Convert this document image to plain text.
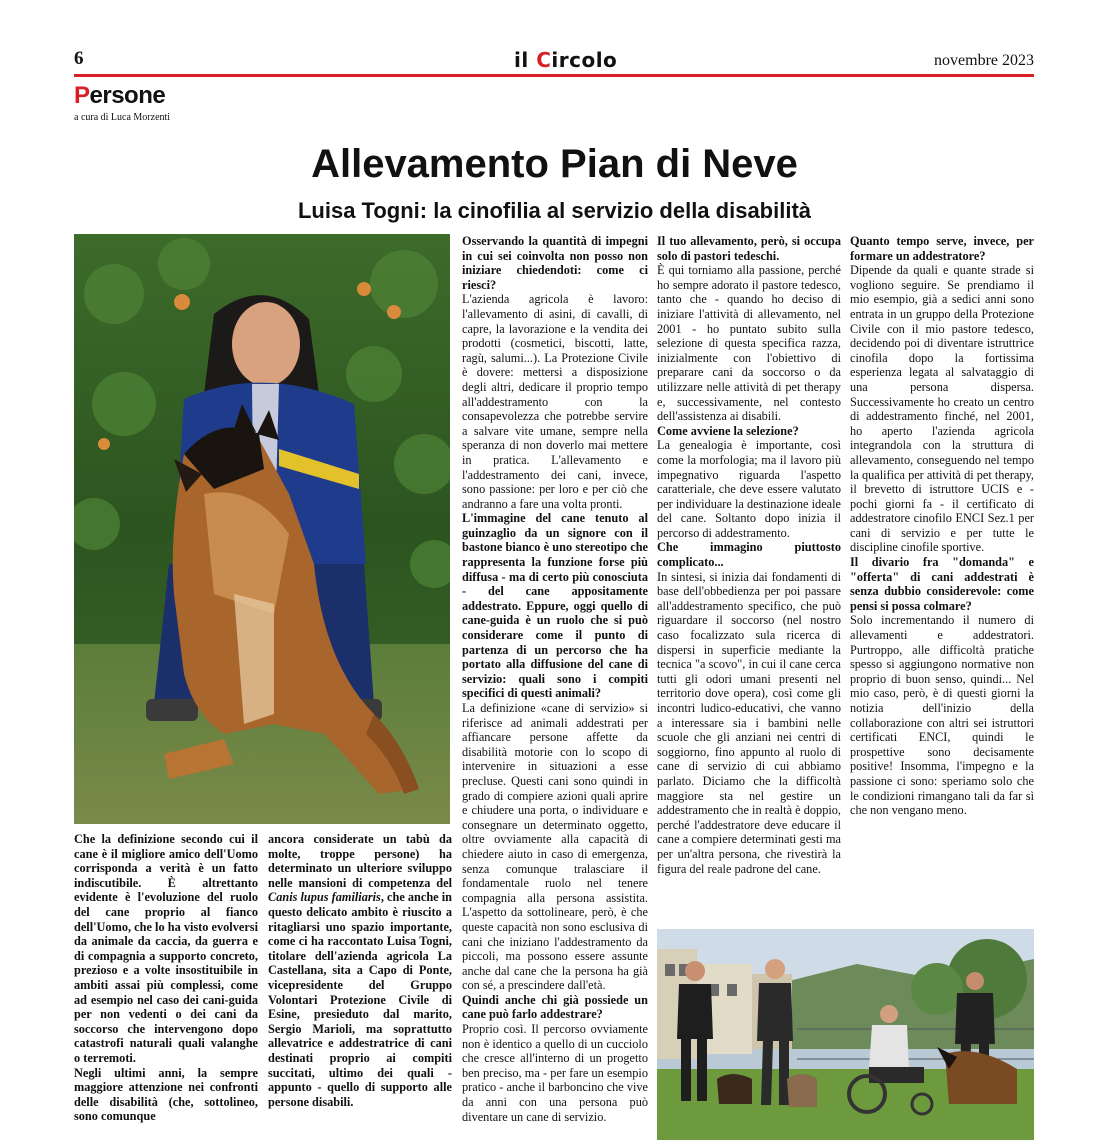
6	il Circolo	novembre 2023
Persone
a cura di Luca Morzenti
Allevamento Pian di Neve
Luisa Togni: la cinofilia al servizio della disabilità

Che la definizione secondo cui il cane è il migliore amico dell'Uomo corrisponda a verità è un fatto indiscutibile. È altrettanto evidente è l'evoluzione del ruolo del cane proprio al fianco dell'Uomo, che lo ha visto evolversi da animale da caccia, da guerra e di compagnia a supporto concreto, prezioso e a volte insostituibile in ambiti assai più complessi, come ad esempio nel caso dei cani-guida per non vedenti o dei cani da soccorso che intervengono dopo catastrofi naturali quali valanghe o terremoti.

Negli ultimi anni, la sempre maggiore attenzione nei confronti delle disabilità (che, sottolineo, sono comunque

ancora considerate un tabù da molte, troppe persone) ha determinato un ulteriore sviluppo nelle mansioni di competenza del Canis lupus familiaris, che anche in questo delicato ambito è riuscito a ritagliarsi uno spazio importante, come ci ha raccontato Luisa Togni, titolare dell'azienda agricola La Castellana, sita a Capo di Ponte, vicepresidente del Gruppo Volontari Protezione Civile di Esine, presieduto dal marito, Sergio Marioli, ma soprattutto allevatrice e addestratrice di cani destinati proprio ai compiti succitati, ultimo dei quali - appunto - quello di supporto alle persone disabili.

Osservando la quantità di impegni in cui sei coinvolta non posso non iniziare chiedendoti: come ci riesci?

L'azienda agricola è lavoro: l'allevamento di asini, di cavalli, di capre, la lavorazione e la vendita dei prodotti (cosmetici, biscotti, latte, ragù, salumi...). La Protezione Civile è dovere: mettersi a disposizione degli altri, dedicare il proprio tempo all'addestramento con la consapevolezza che potrebbe servire a salvare vite umane, sempre nella speranza di non doverlo mai mettere in pratica. L'allevamento e l'addestramento dei cani, invece, sono passione: per loro e per ciò che andranno a fare una volta pronti.

L'immagine del cane tenuto al guinzaglio da un signore con il bastone bianco è uno stereotipo che rappresenta la funzione forse più diffusa - ma di certo più conosciuta - del cane appositamente addestrato. Eppure, oggi quello di cane-guida è un ruolo che si può considerare come il punto di partenza di un percorso che ha portato alla diffusione del cane di servizio: quali sono i compiti specifici di questi animali?

La definizione «cane di servizio» si riferisce ad animali addestrati per affiancare persone affette da disabilità motorie con lo scopo di intervenire in situazioni a esse precluse. Questi cani sono quindi in grado di compiere azioni quali aprire e chiudere una porta, o individuare e consegnare un determinato oggetto, oltre ovviamente alla capacità di chiedere aiuto in caso di emergenza, senza comunque tralasciare il fondamentale ruolo nel tenere compagnia alla persona assistita. L'aspetto da sottolineare, però, è che queste capacità non sono esclusiva di cani che iniziano l'addestramento da piccoli, ma possono essere assunte anche dal cane che la persona ha già con sé, a prescindere dall'età.

Quindi anche chi già possiede un cane può farlo addestrare?

Proprio così. Il percorso ovviamente non è identico a quello di un cucciolo che cresce all'interno di un progetto ben preciso, ma - per fare un esempio pratico - anche il barboncino che vive da anni con una persona può diventare un cane di servizio.

Il tuo allevamento, però, si occupa solo di pastori tedeschi.

È qui torniamo alla passione, perché ho sempre adorato il pastore tedesco, tanto che - quando ho deciso di iniziare l'attività di allevamento, nel 2001 - ho puntato subito sulla selezione di questa specifica razza, inizialmente con l'obiettivo di preparare cani da soccorso o da utilizzare nelle attività di pet therapy e, successivamente, nel contesto dell'assistenza ai disabili.

Come avviene la selezione?

La genealogia è importante, così come la morfologia; ma il lavoro più impegnativo riguarda l'aspetto caratteriale, che deve essere valutato per individuare la destinazione ideale del cane. Soltanto dopo inizia il percorso di addestramento.

Che immagino piuttosto complicato...

In sintesi, si inizia dai fondamenti di base dell'obbedienza per poi passare all'addestramento specifico, che può riguardare il soccorso (nel nostro caso focalizzato sula ricerca di dispersi in superficie mediante la tecnica "a scovo", in cui il cane cerca tutti gli odori umani presenti nel territorio dove opera), così come gli incontri ludico-educativi, che vanno a interessare sia i bambini nelle scuole che gli anziani nei centri di soggiorno, fino appunto al ruolo di cane di servizio di cui abbiamo parlato. Diciamo che la difficoltà maggiore sta nel gestire un addestramento che in realtà è doppio, perché l'addestratore deve educare il cane a compiere determinati gesti ma per un'altra persona, che rivestirà la figura del reale padrone del cane.

Quanto tempo serve, invece, per formare un addestratore?

Dipende da quali e quante strade si vogliono seguire. Se prendiamo il mio esempio, già a sedici anni sono entrata in un gruppo della Protezione Civile con il mio pastore tedesco, decidendo poi di diventare istruttrice cinofila dopo la fortissima esperienza legata al salvataggio di una persona dispersa. Successivamente ho creato un centro di addestramento finché, nel 2001, ho aperto l'azienda agricola integrandola con la struttura di allevamento, conseguendo nel tempo la qualifica per attività di pet therapy, il brevetto di istruttore UCIS e - pochi giorni fa - il certificato di addestratore cinofilo ENCI Sez.1 per cani di servizio e per tutte le discipline cinofile sportive.

Il divario fra "domanda" e "offerta" di cani addestrati è senza dubbio considerevole: come pensi si possa colmare?

Solo incrementando il numero di allevamenti e addestratori. Purtroppo, alle difficoltà pratiche spesso si aggiungono normative non proprio di buon senso, quindi... Nel mio caso, però, è di questi giorni la notizia dell'inizio della collaborazione con altri sei istruttori certificati ENCI, quindi le prospettive sono decisamente positive! Insomma, l'impegno e la passione ci sono: speriamo solo che le condizioni rimangano tali da far sì che non vengano meno.
